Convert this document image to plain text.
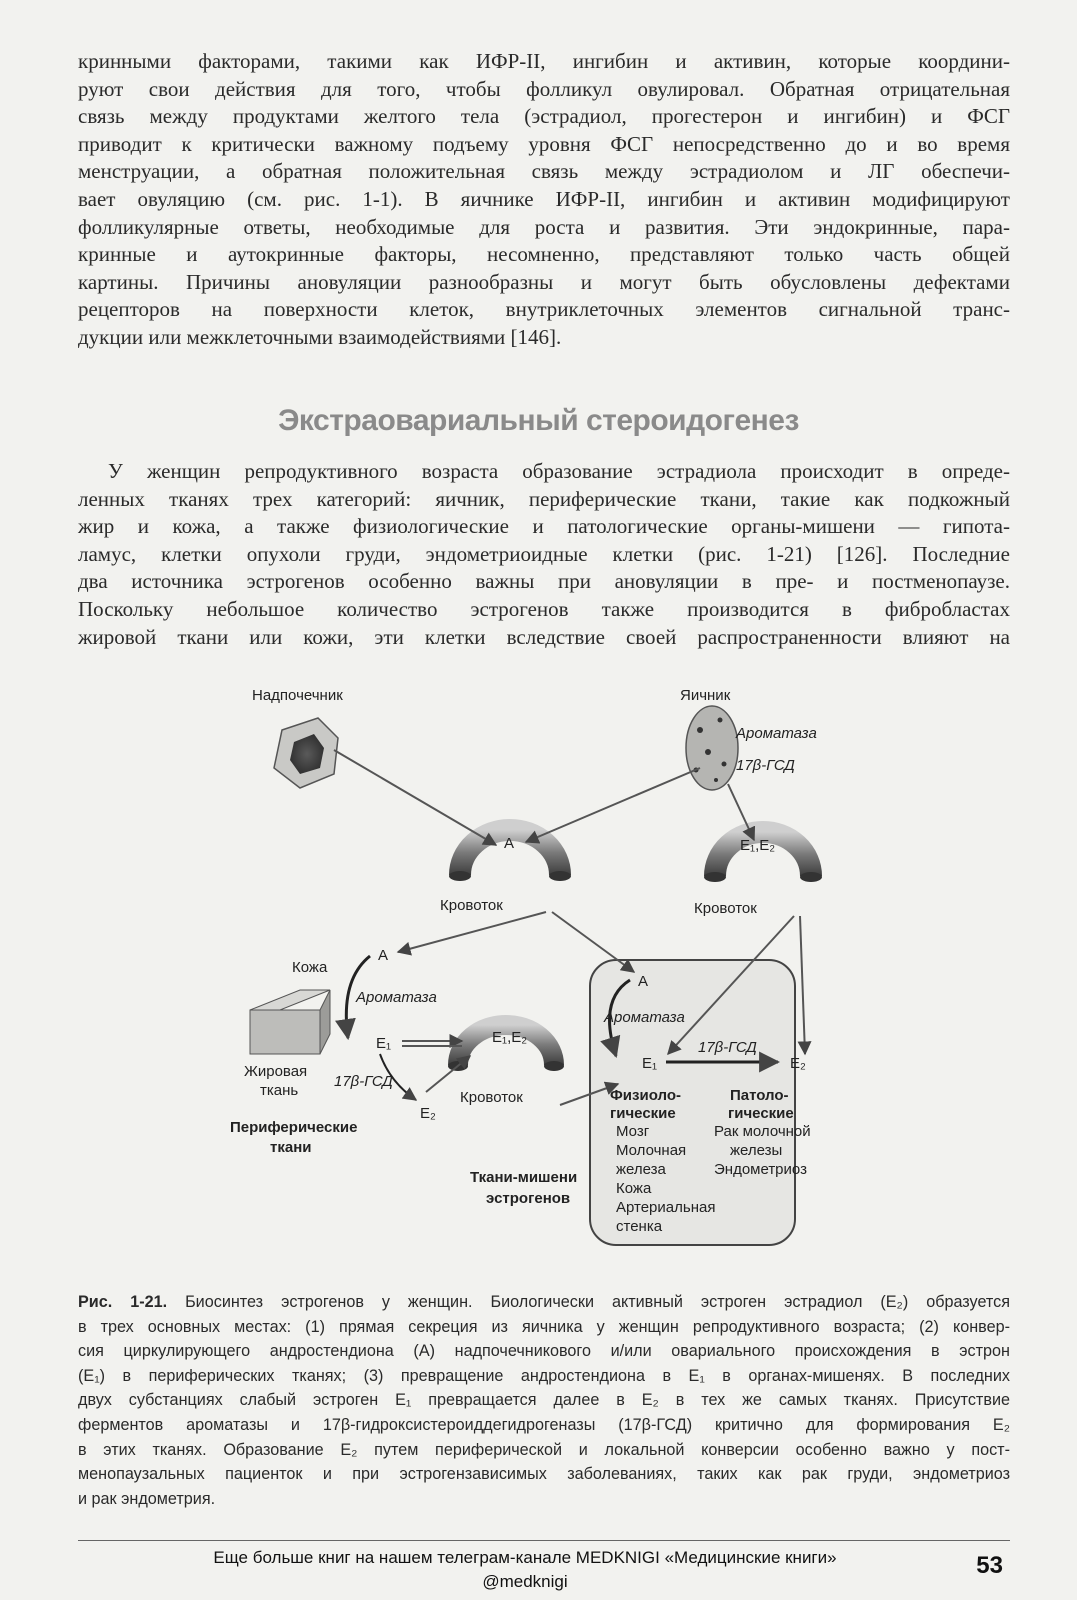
кринными факторами, такими как ИФР-II, ингибин и активин, которые координи-
руют свои действия для того, чтобы фолликул овулировал. Обратная отрицательная
связь между продуктами желтого тела (эстрадиол, прогестерон и ингибин) и ФСГ
приводит к критически важному подъему уровня ФСГ непосредственно до и во время
менструации, а обратная положительная связь между эстрадиолом и ЛГ обеспечи-
вает овуляцию (см. рис. 1-1). В яичнике ИФР-II, ингибин и активин модифицируют
фолликулярные ответы, необходимые для роста и развития. Эти эндокринные, пара-
кринные и аутокринные факторы, несомненно, представляют только часть общей
картины. Причины ановуляции разнообразны и могут быть обусловлены дефектами
рецепторов на поверхности клеток, внутриклеточных элементов сигнальной транс-
дукции или межклеточными взаимодействиями [146].
Экстраовариальный стероидогенез
У женщин репродуктивного возраста образование эстрадиола происходит в опреде-
ленных тканях трех категорий: яичник, периферические ткани, такие как подкожный
жир и кожа, а также физиологические и патологические органы-мишени — гипота-
ламус, клетки опухоли груди, эндометриоидные клетки (рис. 1-21) [126]. Последние
два источника эстрогенов особенно важны при ановуляции в пре- и постменопаузе.
Поскольку небольшое количество эстрогенов также производится в фибробластах
жировой ткани или кожи, эти клетки вследствие своей распространенности влияют на
Надпочечник	Яичник
Ароматаза
17β-ГСД
A
Кровоток
E₁,E₂
Кровоток
E₁,E₂
Кровоток
Кожа
Жировая
ткань
Периферические
ткани
A
Ароматаза
E₁
17β-ГСД
E₂
A
Ароматаза
E₁
17β-ГСД
E₂
Физиоло-
гические
Мозг
Молочная
железа
Кожа
Артериальная
стенка
Патоло-
гические
Рак молочной
железы
Эндометриоз
Ткани-мишени
эстрогенов
Рис. 1-21. Биосинтез эстрогенов у женщин. Биологически активный эстроген эстрадиол (E₂) образуется
в трех основных местах: (1) прямая секреция из яичника у женщин репродуктивного возраста; (2) конвер-
сия циркулирующего андростендиона (A) надпочечникового и/или овариального происхождения в эстрон
(E₁) в периферических тканях; (3) превращение андростендиона в E₁ в органах-мишенях. В последних
двух субстанциях слабый эстроген E₁ превращается далее в E₂ в тех же самых тканях. Присутствие
ферментов ароматазы и 17β-гидроксистероиддегидрогеназы (17β-ГСД) критично для формирования E₂
в этих тканях. Образование E₂ путем периферической и локальной конверсии особенно важно у пост-
менопаузальных пациенток и при эстрогензависимых заболеваниях, таких как рак груди, эндометриоз
и рак эндометрия.
Еще больше книг на нашем телеграм-канале MEDKNIGI «Медицинские книги»
@medknigi
53
